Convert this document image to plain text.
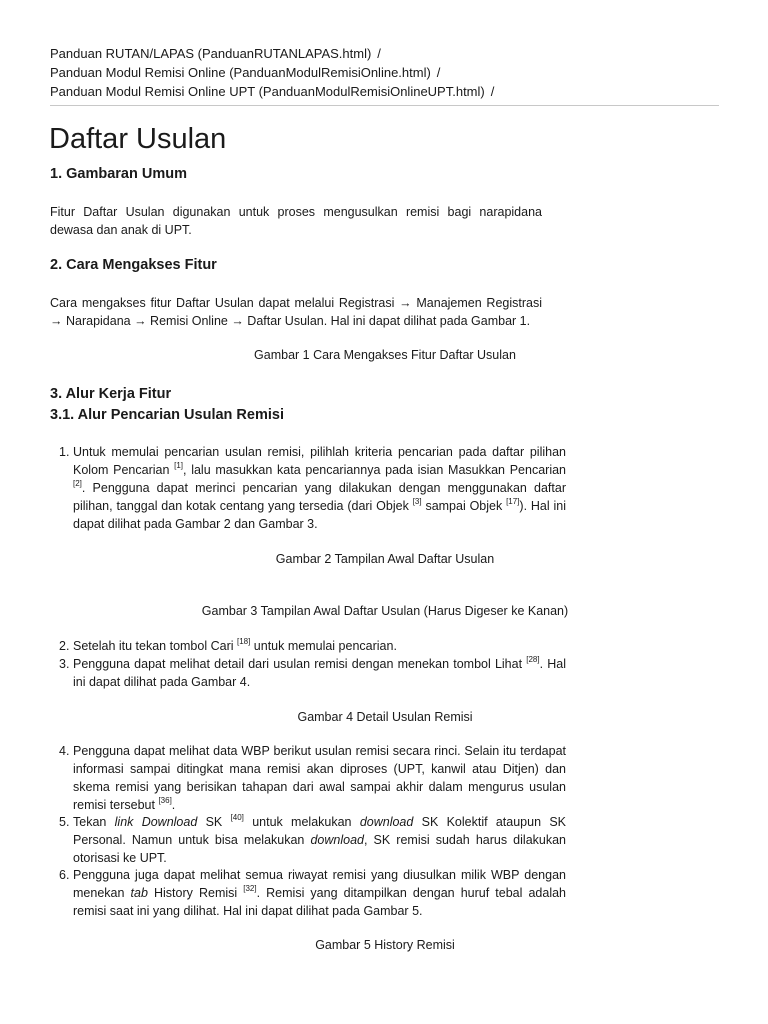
Panduan RUTAN/LAPAS (PanduanRUTANLAPAS.html) /
Panduan Modul Remisi Online (PanduanModulRemisiOnline.html) /
Panduan Modul Remisi Online UPT (PanduanModulRemisiOnlineUPT.html) /
Daftar Usulan
1. Gambaran Umum

Fitur Daftar Usulan digunakan untuk proses mengusulkan remisi bagi narapidana dewasa dan anak di UPT.

2. Cara Mengakses Fitur

Cara mengakses fitur Daftar Usulan dapat melalui Registrasi → Manajemen Registrasi → Narapidana → Remisi Online → Daftar Usulan. Hal ini dapat dilihat pada Gambar 1.

Gambar 1 Cara Mengakses Fitur Daftar Usulan

3. Alur Kerja Fitur
3.1. Alur Pencarian Usulan Remisi
1. Untuk memulai pencarian usulan remisi, pilihlah kriteria pencarian pada daftar pilihan Kolom Pencarian [1], lalu masukkan kata pencariannya pada isian Masukkan Pencarian [2]. Pengguna dapat merinci pencarian yang dilakukan dengan menggunakan daftar pilihan, tanggal dan kotak centang yang tersedia (dari Objek [3] sampai Objek [17]). Hal ini dapat dilihat pada Gambar 2 dan Gambar 3.

Gambar 2 Tampilan Awal Daftar Usulan

Gambar 3 Tampilan Awal Daftar Usulan (Harus Digeser ke Kanan)

2. Setelah itu tekan tombol Cari [18] untuk memulai pencarian.
3. Pengguna dapat melihat detail dari usulan remisi dengan menekan tombol Lihat [28]. Hal ini dapat dilihat pada Gambar 4.

Gambar 4 Detail Usulan Remisi

4. Pengguna dapat melihat data WBP berikut usulan remisi secara rinci. Selain itu terdapat informasi sampai ditingkat mana remisi akan diproses (UPT, kanwil atau Ditjen) dan skema remisi yang berisikan tahapan dari awal sampai akhir dalam mengurus usulan remisi tersebut [36].
5. Tekan link Download SK [40] untuk melakukan download SK Kolektif ataupun SK Personal. Namun untuk bisa melakukan download, SK remisi sudah harus dilakukan otorisasi ke UPT.
6. Pengguna juga dapat melihat semua riwayat remisi yang diusulkan milik WBP dengan menekan tab History Remisi [32]. Remisi yang ditampilkan dengan huruf tebal adalah remisi saat ini yang dilihat. Hal ini dapat dilihat pada Gambar 5.

Gambar 5 History Remisi
